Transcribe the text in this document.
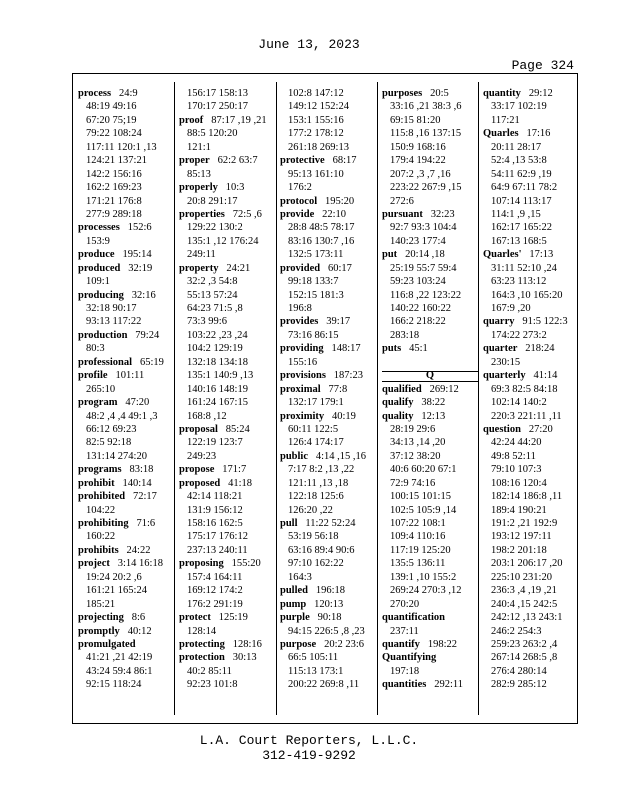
June 13, 2023
Page 324
process 24:9
48:19 49:16
67:20 75;19
79:22 108:24
117:11 120:1 ,13
124:21 137:21
142:2 156:16
162:2 169:23
171:21 176:8
277:9 289:18
processes 152:6
153:9
produce 195:14
produced 32:19
109:1
producing 32:16
32:18 90:17
93:13 117:22
production 79:24
80:3
professional 65:19
profile 101:11
265:10
program 47:20
48:2 ,4 ,4 49:1 ,3
66:12 69:23
82:5 92:18
131:14 274:20
programs 83:18
prohibit 140:14
prohibited 72:17
104:22
prohibiting 71:6
160:22
prohibits 24:22
project 3:14 16:18
19:24 20:2 ,6
161:21 165:24
185:21
projecting 8:6
promptly 40:12
promulgated
41:21 ,21 42:19
43:24 59:4 86:1
92:15 118:24
156:17 158:13
170:17 250:17
proof 87:17 ,19 ,21
88:5 120:20
121:1
proper 62:2 63:7
85:13
properly 10:3
20:8 291:17
properties 72:5 ,6
129:22 130:2
135:1 ,12 176:24
249:11
property 24:21
32:2 ,3 54:8
55:13 57:24
64:23 71:5 ,8
73:3 99:6
103:22 ,23 ,24
104:2 129:19
132:18 134:18
135:1 140:9 ,13
140:16 148:19
161:24 167:15
168:8 ,12
proposal 85:24
122:19 123:7
249:23
propose 171:7
proposed 41:18
42:14 118:21
131:9 156:12
158:16 162:5
175:17 176:12
237:13 240:11
proposing 155:20
157:4 164:11
169:12 174:2
176:2 291:19
protect 125:19
128:14
protecting 128:16
protection 30:13
40:2 85:11
92:23 101:8
102:8 147:12
149:12 152:24
153:1 155:16
177:2 178:12
261:18 269:13
protective 68:17
95:13 161:10
176:2
protocol 195:20
provide 22:10
28:8 48:5 78:17
83:16 130:7 ,16
132:5 173:11
provided 60:17
99:18 133:7
152:15 181:3
196:8
provides 39:17
73:16 86:15
providing 148:17
155:16
provisions 187:23
proximal 77:8
132:17 179:1
proximity 40:19
60:11 122:5
126:4 174:17
public 4:14 ,15 ,16
7:17 8:2 ,13 ,22
121:11 ,13 ,18
122:18 125:6
126:20 ,22
pull 11:22 52:24
53:19 56:18
63:16 89:4 90:6
97:10 162:22
164:3
pulled 196:18
pump 120:13
purple 90:18
94:15 226:5 ,8 ,23
purpose 20:2 23:6
66:5 105:11
115:13 173:1
200:22 269:8 ,11
purposes 20:5
33:16 ,21 38:3 ,6
69:15 81:20
115:8 ,16 137:15
150:9 168:16
179:4 194:22
207:2 ,3 ,7 ,16
223:22 267:9 ,15
272:6
pursuant 32:23
92:7 93:3 104:4
140:23 177:4
put 20:14 ,18
25:19 55:7 59:4
59:23 103:24
116:8 ,22 123:22
140:22 160:22
166:2 218:22
283:18
puts 45:1
Q
qualified 269:12
qualify 38:22
quality 12:13
28:19 29:6
34:13 ,14 ,20
37:12 38:20
40:6 60:20 67:1
72:9 74:16
100:15 101:15
102:5 105:9 ,14
107:22 108:1
109:4 110:16
117:19 125:20
135:5 136:11
139:1 ,10 155:2
269:24 270:3 ,12
270:20
quantification
237:11
quantify 198:22
Quantifying
197:18
quantities 292:11
quantity 29:12
33:17 102:19
117:21
Quarles 17:16
20:11 28:17
52:4 ,13 53:8
54:11 62:9 ,19
64:9 67:11 78:2
107:14 113:17
114:1 ,9 ,15
162:17 165:22
167:13 168:5
Quarles' 17:13
31:11 52:10 ,24
63:23 113:12
164:3 ,10 165:20
167:9 ,20
quarry 91:5 122:3
174:22 273:2
quarter 218:24
230:15
quarterly 41:14
69:3 82:5 84:18
102:14 140:2
220:3 221:11 ,11
question 27:20
42:24 44:20
49:8 52:11
79:10 107:3
108:16 120:4
182:14 186:8 ,11
189:4 190:21
191:2 ,21 192:9
193:12 197:11
198:2 201:18
203:1 206:17 ,20
225:10 231:20
236:3 ,4 ,19 ,21
240:4 ,15 242:5
242:12 ,13 243:1
246:2 254:3
259:23 263:2 ,4
267:14 268:5 ,8
276:4 280:14
282:9 285:12
L.A. Court Reporters, L.L.C.
312-419-9292
